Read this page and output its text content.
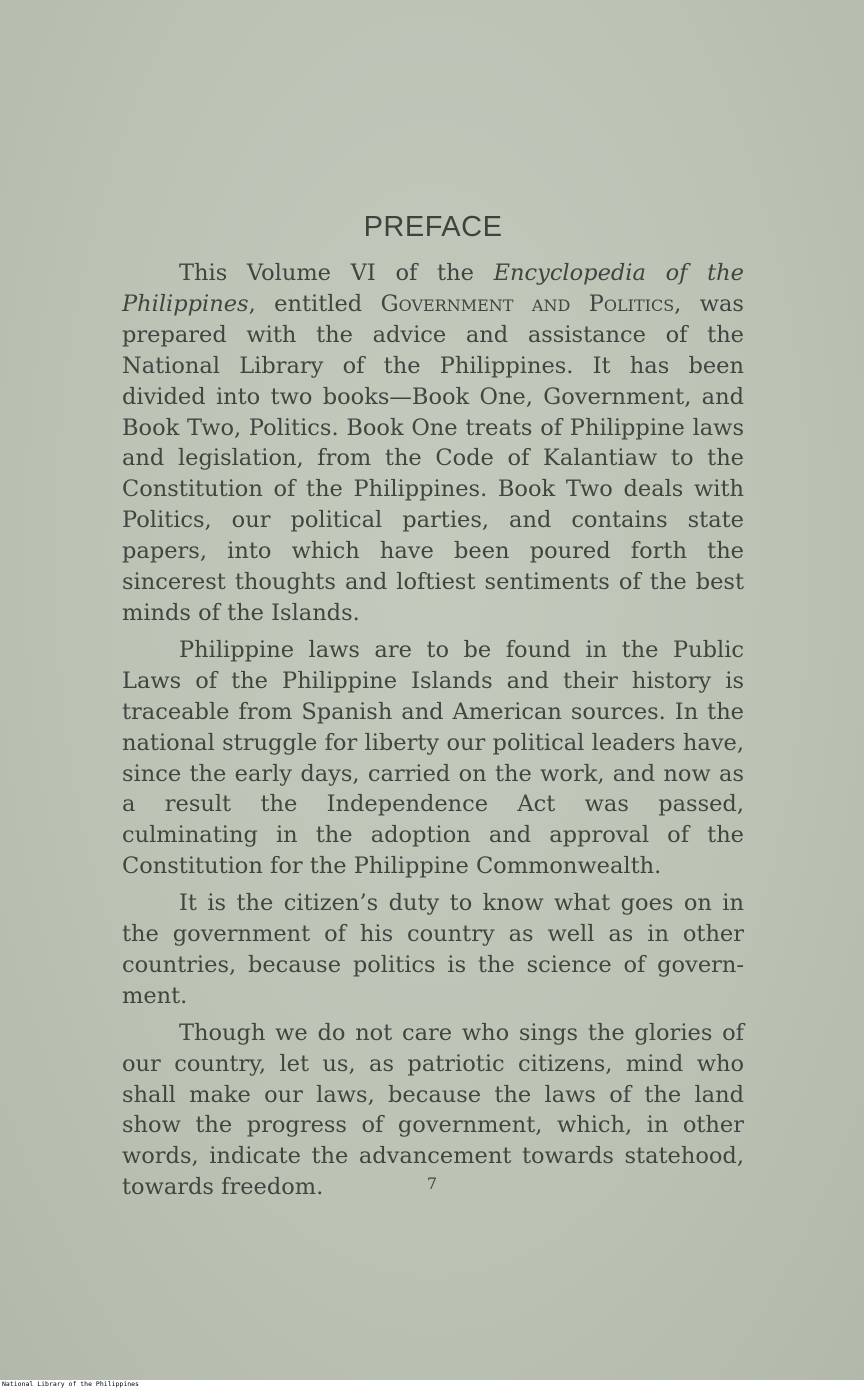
PREFACE

This Volume VI of the Encyclopedia of the Philippines, entitled Government and Politics, was prepared with the advice and assistance of the National Library of the Philippines. It has been divided into two books—Book One, Government, and Book Two, Politics. Book One treats of Philippine laws and legislation, from the Code of Kalantiaw to the Constitution of the Philippines. Book Two deals with Politics, our political parties, and contains state papers, into which have been poured forth the sincerest thoughts and loftiest sentiments of the best minds of the Islands.

Philippine laws are to be found in the Public Laws of the Philippine Islands and their history is traceable from Spanish and American sources. In the national struggle for liberty our political leaders have, since the early days, carried on the work, and now as a result the Independence Act was passed, culminating in the adoption and approval of the Constitution for the Philippine Commonwealth.

It is the citizen’s duty to know what goes on in the government of his country as well as in other countries, because politics is the science of government.

Though we do not care who sings the glories of our country, let us, as patriotic citizens, mind who shall make our laws, because the laws of the land show the progress of government, which, in other words, indicate the advancement towards statehood, towards freedom.	7
National Library of the Philippines
